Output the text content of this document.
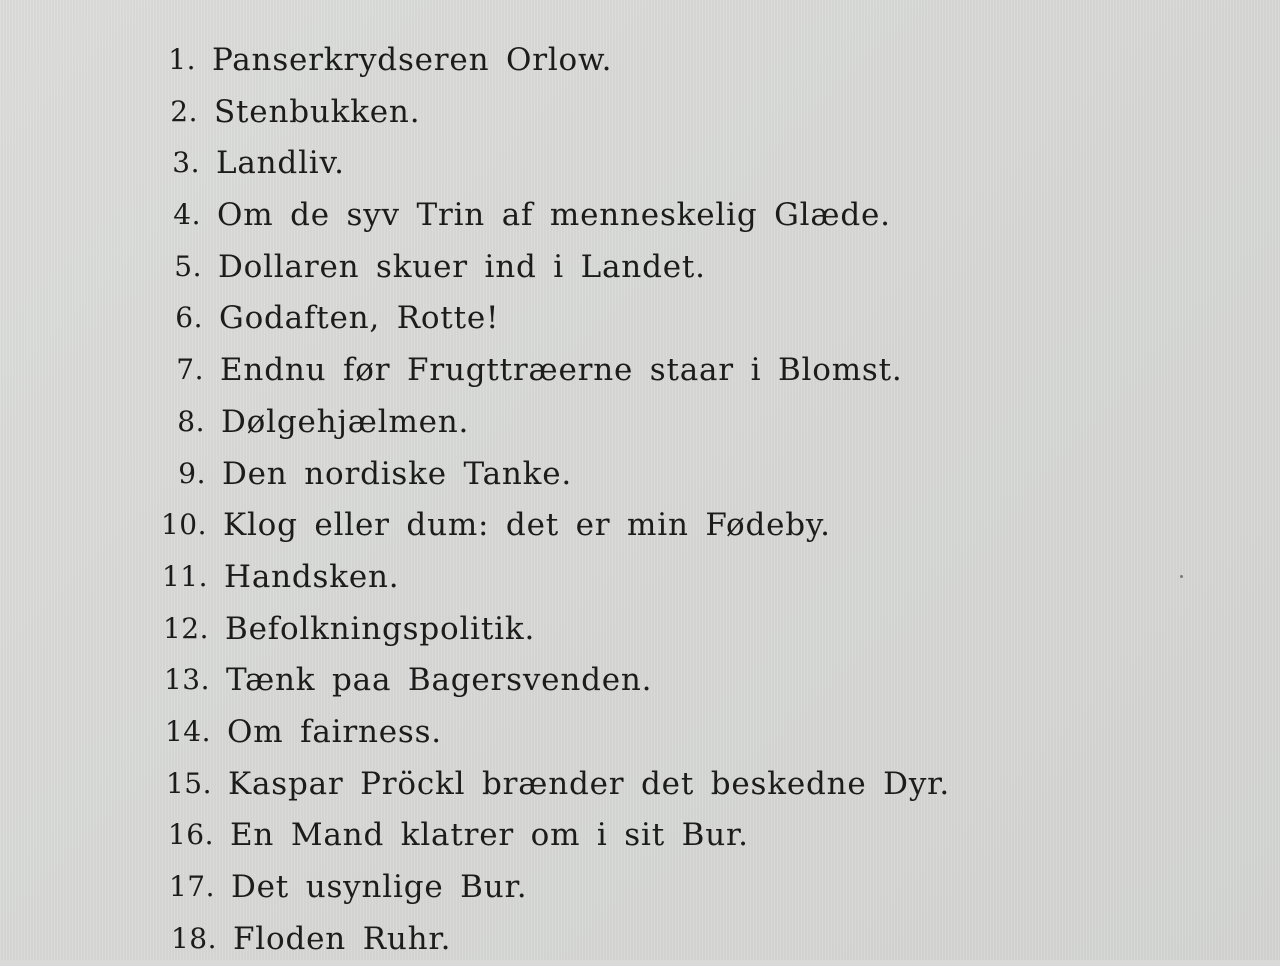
1. Panserkrydseren Orlow.
2. Stenbukken.
3. Landliv.
4. Om de syv Trin af menneskelig Glæde.
5. Dollaren skuer ind i Landet.
6. Godaften, Rotte!
7. Endnu før Frugttræerne staar i Blomst.
8. Dølgehjælmen.
9. Den nordiske Tanke.
10. Klog eller dum: det er min Fødeby.
11. Handsken.
12. Befolkningspolitik.
13. Tænk paa Bagersvenden.
14. Om fairness.
15. Kaspar Pröckl brænder det beskedne Dyr.
16. En Mand klatrer om i sit Bur.
17. Det usynlige Bur.
18. Floden Ruhr.
